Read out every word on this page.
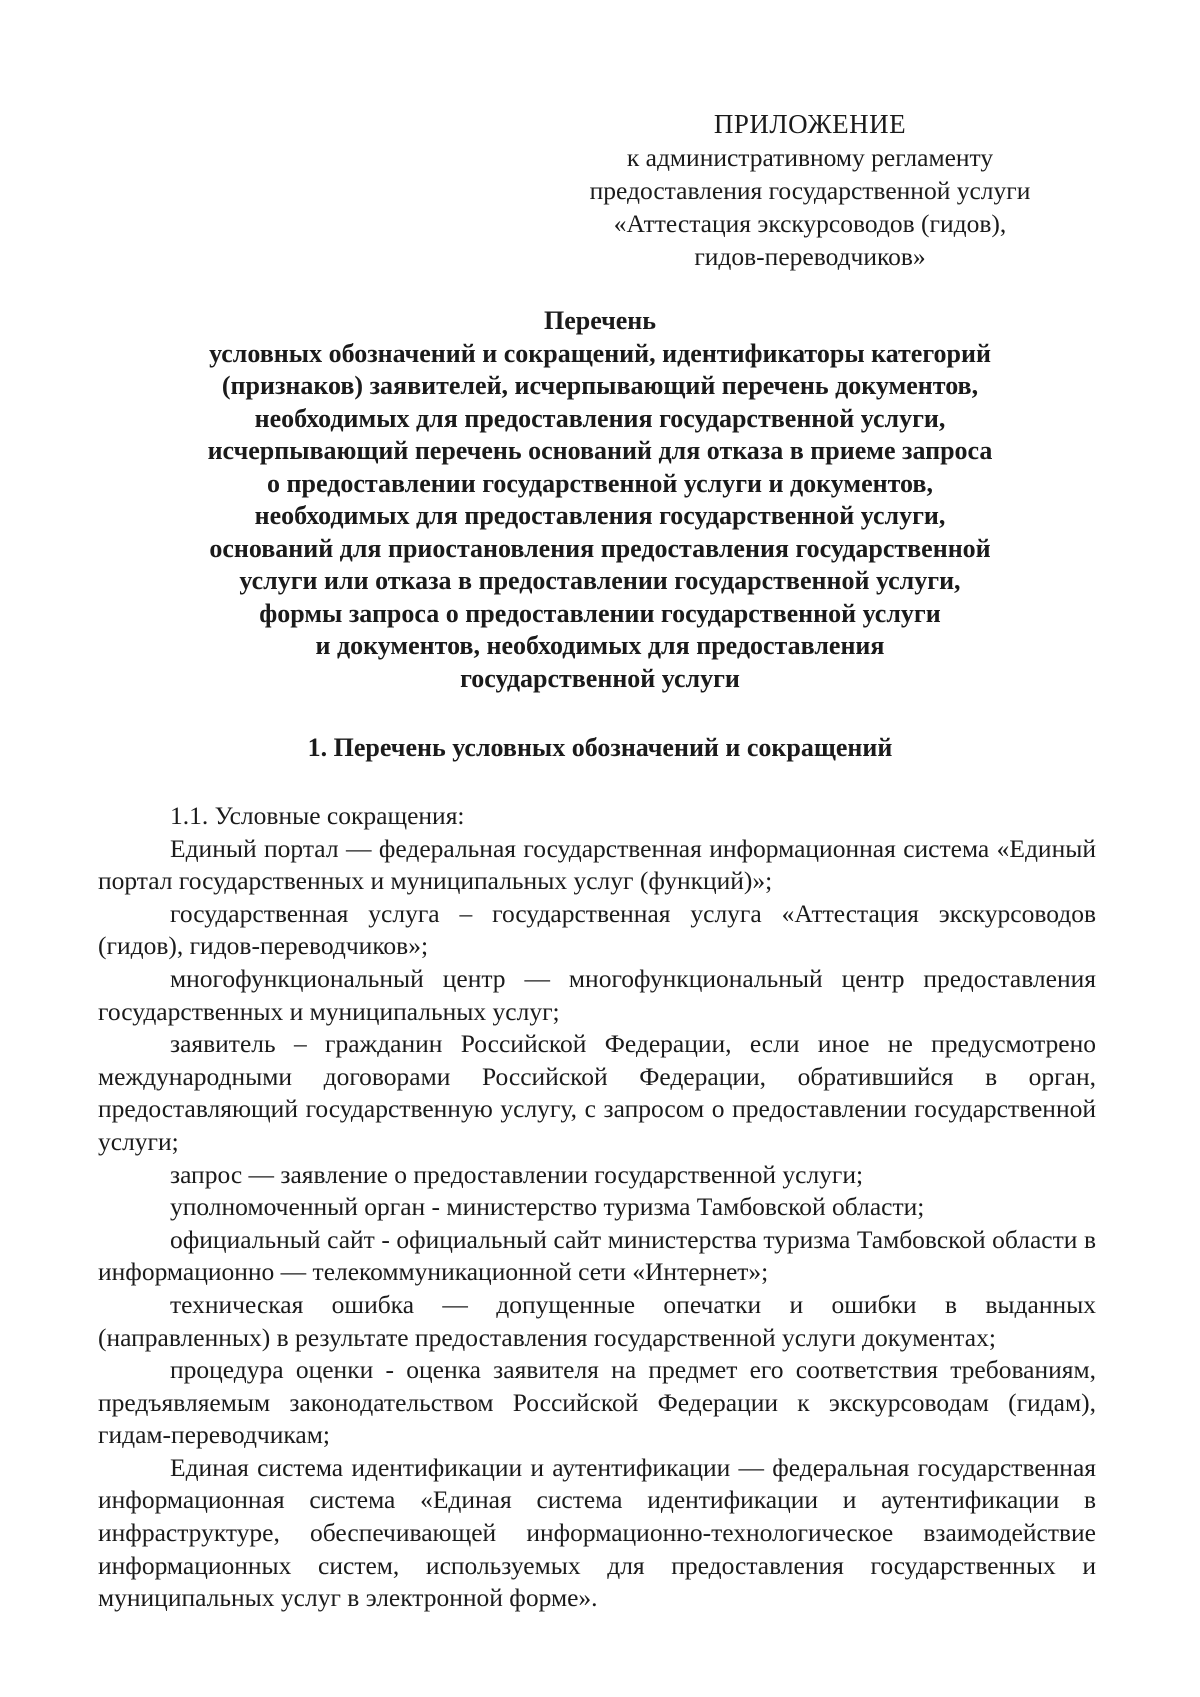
ПРИЛОЖЕНИЕ
к административному регламенту
предоставления государственной услуги
«Аттестация экскурсоводов (гидов),
гидов-переводчиков»
Перечень
условных обозначений и сокращений, идентификаторы категорий
(признаков) заявителей, исчерпывающий перечень документов,
необходимых для предоставления государственной услуги,
исчерпывающий перечень оснований для отказа в приеме запроса
о предоставлении государственной услуги и документов,
необходимых для предоставления государственной услуги,
оснований для приостановления предоставления государственной
услуги или отказа в предоставлении государственной услуги,
формы запроса о предоставлении государственной услуги
и документов, необходимых для предоставления
государственной услуги
1. Перечень условных обозначений и сокращений

1.1. Условные сокращения:

Единый портал — федеральная государственная информационная система «Единый портал государственных и муниципальных услуг (функций)»;

государственная услуга – государственная услуга «Аттестация экскурсоводов (гидов), гидов-переводчиков»;

многофункциональный центр — многофункциональный центр предоставления государственных и муниципальных услуг;

заявитель – гражданин Российской Федерации, если иное не предусмотрено международными договорами Российской Федерации, обратившийся в орган, предоставляющий государственную услугу, с запросом о предоставлении государственной услуги;

запрос — заявление о предоставлении государственной услуги;

уполномоченный орган - министерство туризма Тамбовской области;

официальный сайт - официальный сайт министерства туризма Тамбовской области в информационно — телекоммуникационной сети «Интернет»;

техническая ошибка — допущенные опечатки и ошибки в выданных (направленных) в результате предоставления государственной услуги документах;

процедура оценки - оценка заявителя на предмет его соответствия требованиям, предъявляемым законодательством Российской Федерации к экскурсоводам (гидам), гидам-переводчикам;

Единая система идентификации и аутентификации — федеральная государственная информационная система «Единая система идентификации и аутентификации в инфраструктуре, обеспечивающей информационно-технологическое взаимодействие информационных систем, используемых для предоставления государственных и муниципальных услуг в электронной форме».
